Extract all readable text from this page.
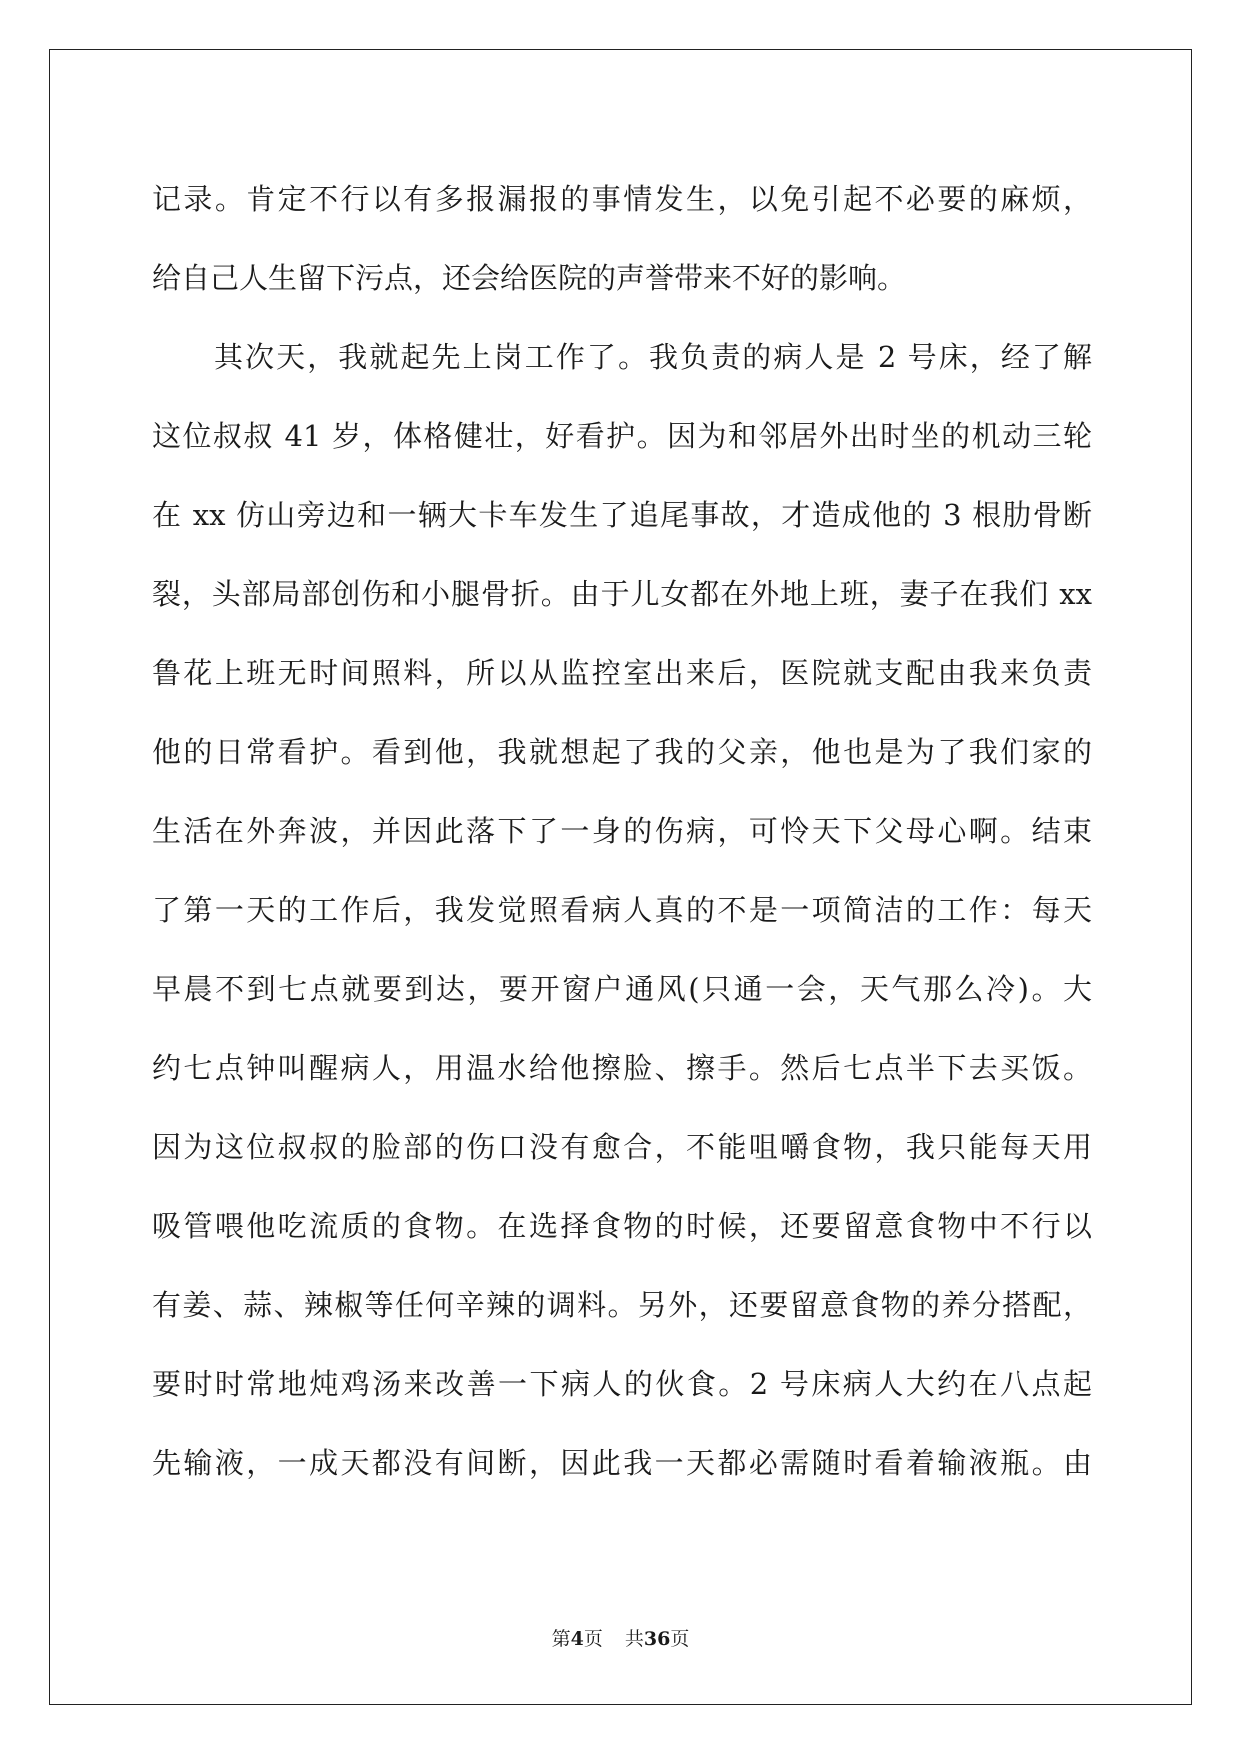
记录。肯定不行以有多报漏报的事情发生，以免引起不必要的麻烦，
给自己人生留下污点，还会给医院的声誉带来不好的影响。
其次天，我就起先上岗工作了。我负责的病人是 2 号床，经了解
这位叔叔 41 岁，体格健壮，好看护。因为和邻居外出时坐的机动三轮
在 xx 仿山旁边和一辆大卡车发生了追尾事故，才造成他的 3 根肋骨断
裂，头部局部创伤和小腿骨折。由于儿女都在外地上班，妻子在我们 xx
鲁花上班无时间照料，所以从监控室出来后，医院就支配由我来负责
他的日常看护。看到他，我就想起了我的父亲，他也是为了我们家的
生活在外奔波，并因此落下了一身的伤病，可怜天下父母心啊。结束
了第一天的工作后，我发觉照看病人真的不是一项简洁的工作：每天
早晨不到七点就要到达，要开窗户通风(只通一会，天气那么冷)。大
约七点钟叫醒病人，用温水给他擦脸、擦手。然后七点半下去买饭。
因为这位叔叔的脸部的伤口没有愈合，不能咀嚼食物，我只能每天用
吸管喂他吃流质的食物。在选择食物的时候，还要留意食物中不行以
有姜、蒜、辣椒等任何辛辣的调料。另外，还要留意食物的养分搭配，
要时时常地炖鸡汤来改善一下病人的伙食。2 号床病人大约在八点起
先输液，一成天都没有间断，因此我一天都必需随时看着输液瓶。由
第4页 共36页
